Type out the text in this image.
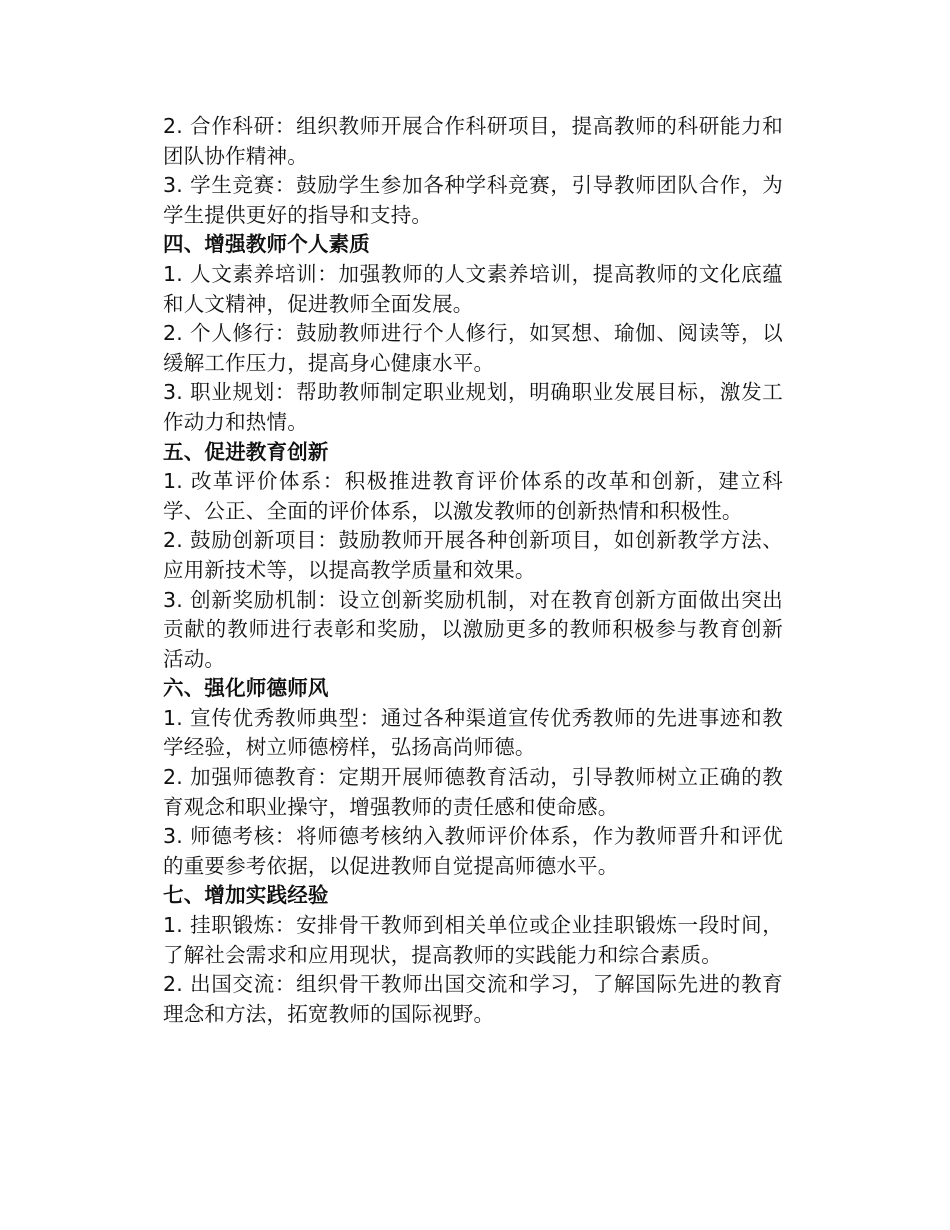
2. 合作科研：组织教师开展合作科研项目，提高教师的科研能力和团队协作精神。

3. 学生竞赛：鼓励学生参加各种学科竞赛，引导教师团队合作，为学生提供更好的指导和支持。

四、增强教师个人素质

1. 人文素养培训：加强教师的人文素养培训，提高教师的文化底蕴和人文精神，促进教师全面发展。

2. 个人修行：鼓励教师进行个人修行，如冥想、瑜伽、阅读等，以缓解工作压力，提高身心健康水平。

3. 职业规划：帮助教师制定职业规划，明确职业发展目标，激发工作动力和热情。

五、促进教育创新

1. 改革评价体系：积极推进教育评价体系的改革和创新，建立科学、公正、全面的评价体系，以激发教师的创新热情和积极性。

2. 鼓励创新项目：鼓励教师开展各种创新项目，如创新教学方法、应用新技术等，以提高教学质量和效果。

3. 创新奖励机制：设立创新奖励机制，对在教育创新方面做出突出贡献的教师进行表彰和奖励，以激励更多的教师积极参与教育创新活动。

六、强化师德师风

1. 宣传优秀教师典型：通过各种渠道宣传优秀教师的先进事迹和教学经验，树立师德榜样，弘扬高尚师德。

2. 加强师德教育：定期开展师德教育活动，引导教师树立正确的教育观念和职业操守，增强教师的责任感和使命感。

3. 师德考核：将师德考核纳入教师评价体系，作为教师晋升和评优的重要参考依据，以促进教师自觉提高师德水平。

七、增加实践经验

1. 挂职锻炼：安排骨干教师到相关单位或企业挂职锻炼一段时间，了解社会需求和应用现状，提高教师的实践能力和综合素质。

2. 出国交流：组织骨干教师出国交流和学习，了解国际先进的教育理念和方法，拓宽教师的国际视野。
